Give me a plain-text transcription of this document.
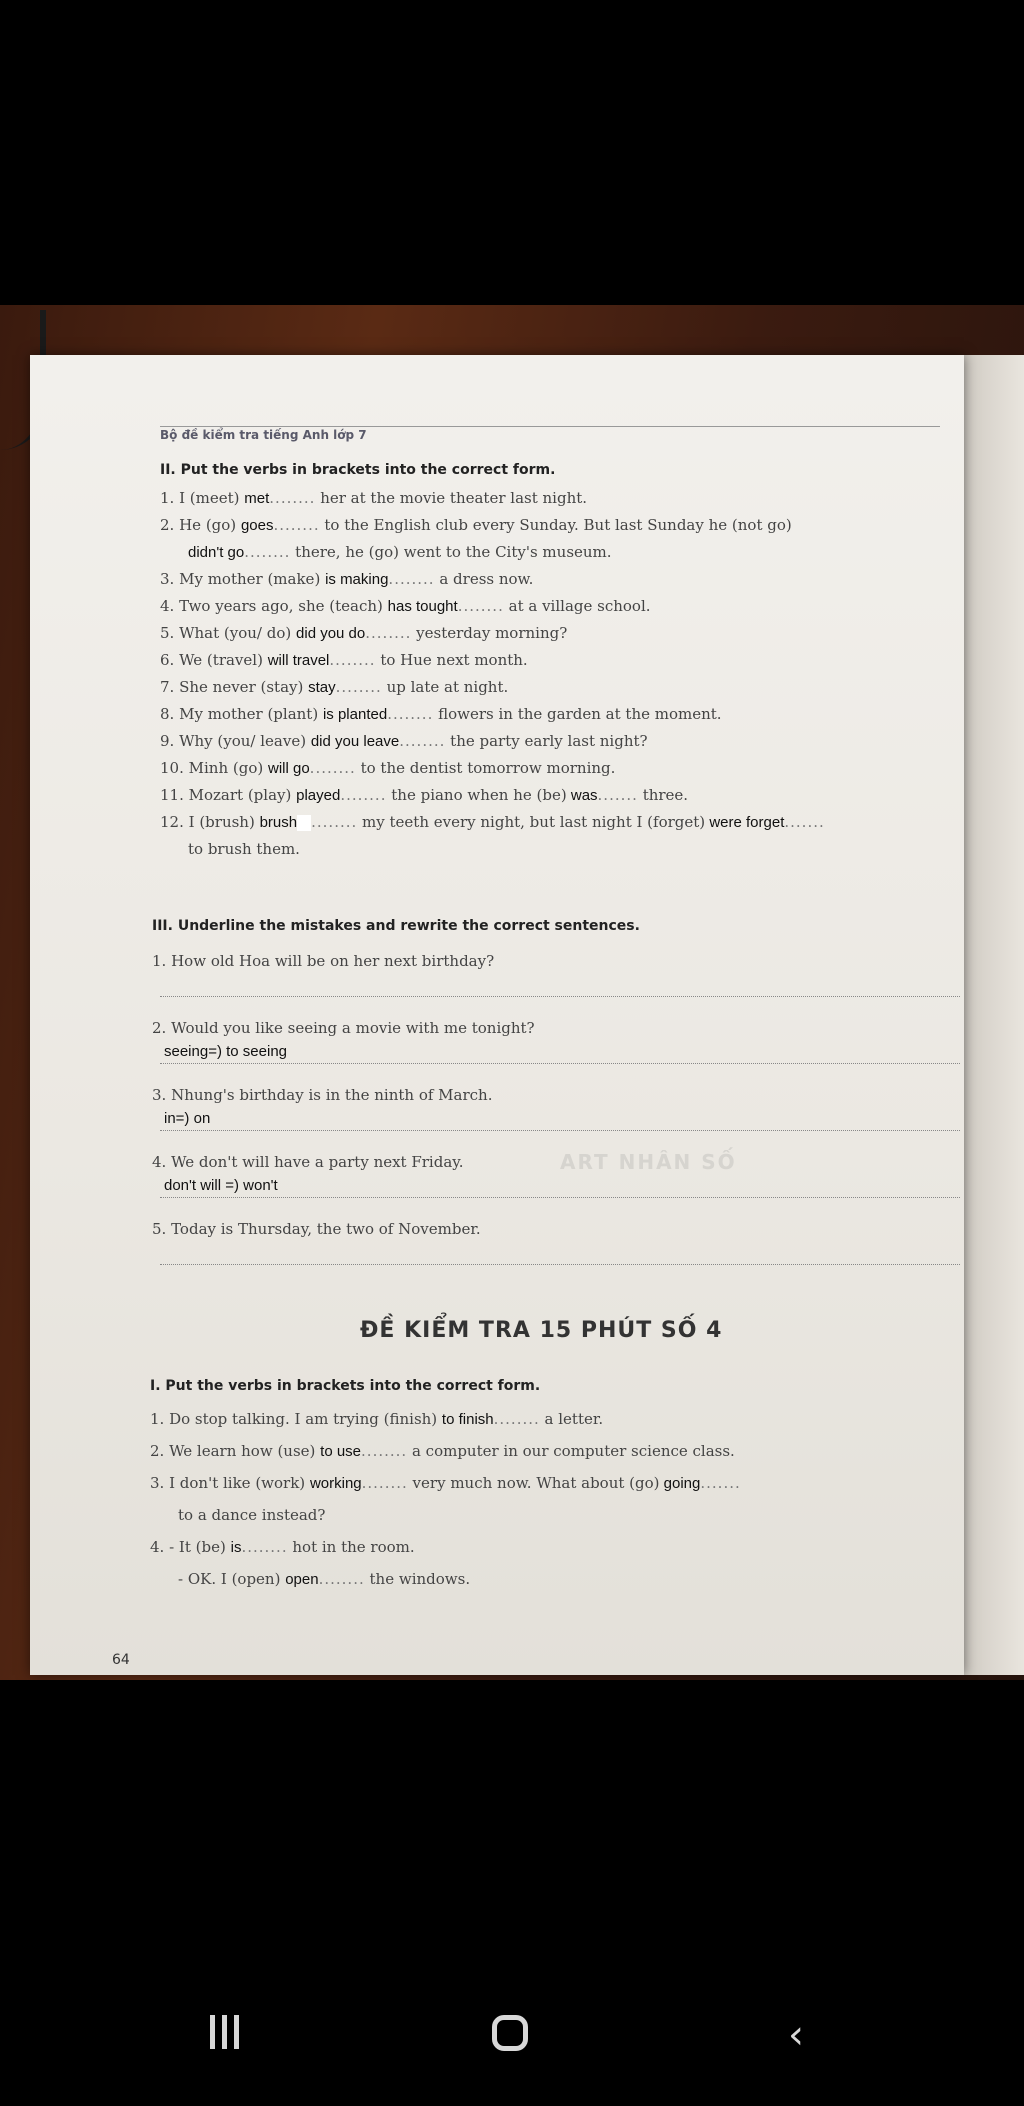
Bộ đề kiểm tra tiếng Anh lớp 7
II. Put the verbs in brackets into the correct form.
1. I (meet) met........ her at the movie theater last night.
2. He (go) goes........ to the English club every Sunday. But last Sunday he (not go)
didn't go........ there, he (go) went to the City's museum.
3. My mother (make) is making........ a dress now.
4. Two years ago, she (teach) has tought........ at a village school.
5. What (you/ do) did you do........ yesterday morning?
6. We (travel) will travel........ to Hue next month.
7. She never (stay) stay........ up late at night.
8. My mother (plant) is planted........ flowers in the garden at the moment.
9. Why (you/ leave) did you leave........ the party early last night?
10. Minh (go) will go........ to the dentist tomorrow morning.
11. Mozart (play) played........ the piano when he (be) was....... three.
12. I (brush) brush ........ my teeth every night, but last night I (forget) were forget.......
to brush them.
III. Underline the mistakes and rewrite the correct sentences.
1. How old Hoa will be on her next birthday?
2. Would you like seeing a movie with me tonight?
seeing=) to seeing
3. Nhung's birthday is in the ninth of March.
in=) on
4. We don't will have a party next Friday.
don't will =) won't
5. Today is Thursday, the two of November.
ART NHÂN SỐ
ĐỀ KIỂM TRA 15 PHÚT SỐ 4
I. Put the verbs in brackets into the correct form.
1. Do stop talking. I am trying (finish) to finish........ a letter.
2. We learn how (use) to use........ a computer in our computer science class.
3. I don't like (work) working........ very much now. What about (go) going.......
to a dance instead?
4. - It (be) is........ hot in the room.
- OK. I (open) open........ the windows.
64
‹
